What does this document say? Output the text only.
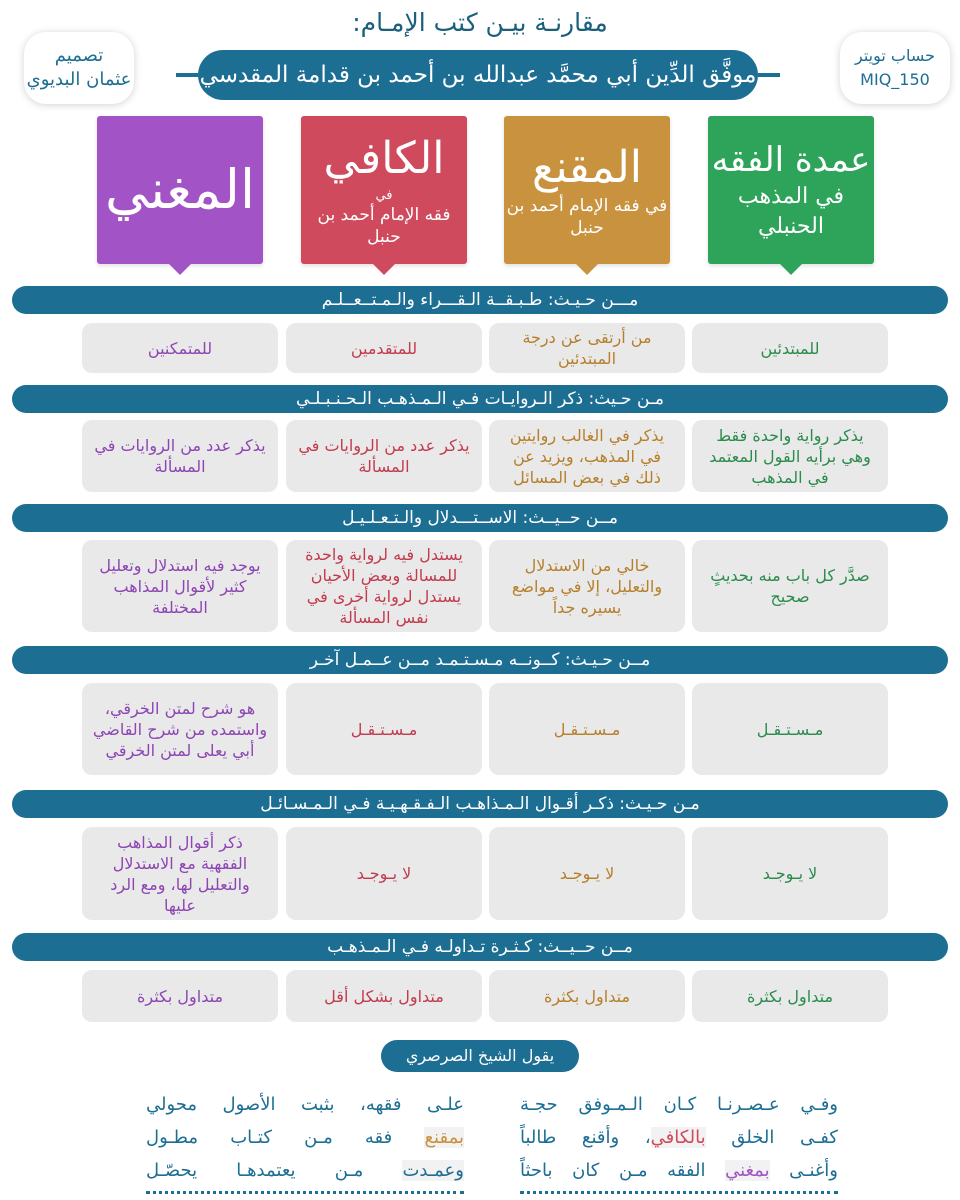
مقارنـة بيـن كتب الإمـام:
موفَّق الدِّين أبي محمَّد عبدالله بن أحمد بن قدامة المقدسي
حساب تويتر
MIQ_150
تصميم
عثمان البديوي
عمدة الفقه
في المذهب الحنبلي
المقنع
في فقه الإمام أحمد بن حنبل
الكافي
في
فقه الإمام أحمد بن حنبل
المغني
مـــن حـيـث: طـبـقــة الـقـــراء والـمـتــعــلـم
للمبتدئين
من أرتقى عن درجة المبتدئين
للمتقدمين
للمتمكنين
مـن حـيث: ذكر الـروايـات فـي الـمـذهـب الـحـنـبـلـي
يذكر رواية واحدة فقط وهي برأيه القول المعتمد في المذهب
يذكر في الغالب روايتين في المذهب، ويزيد عن ذلك في بعض المسائل
يذكر عدد من الروايات في المسألة
يذكر عدد من الروايات في المسألة
مــن حــيــث: الاســتـــدلال والـتـعـلـيـل
صدَّر كل باب منه بحديثٍ صحيح
خالي من الاستدلال والتعليل، إلا في مواضع يسيره جداً
يستدل فيه لرواية واحدة للمسالة وبعض الأحيان يستدل لرواية أخرى في نفس المسألة
يوجد فيه استدلال وتعليل كثير لأقوال المذاهب المختلفة
مــن حـيـث: كــونــه مـسـتـمـد مــن عــمـل آخـر
مـسـتـقـل
مـسـتـقـل
مـسـتـقـل
هو شرح لمتن الخرقي، واستمده من شرح القاضي أبي يعلى لمتن الخرقي
مـن حـيـث: ذكـر أقـوال الـمـذاهـب الـفـقـهـيـة فـي الـمـسـائـل
لا يـوجـد
لا يـوجـد
لا يـوجـد
ذكر أقوال المذاهب الفقهية مع الاستدلال والتعليل لها، ومع الرد عليها
مــن حــيــث: كـثـرة تـداولـه فـي الـمـذهـب
متداول بكثرة
متداول بكثرة
متداول بشكل أقل
متداول بكثرة
يقول الشيخ الصرصري
وفـي عـصـرنـا كـان الـمـوفق حجـة
كفـى الخلق بالكافي، وأقنع طالباً
وأغنـى بمغني الفقه مـن كان باحثاً
علـى فقهه، بثبت الأصول محولي
بمقنع فقه مـن كتـاب مطـول
وعمـدت مـن يعتمدهـا يحصّـل
